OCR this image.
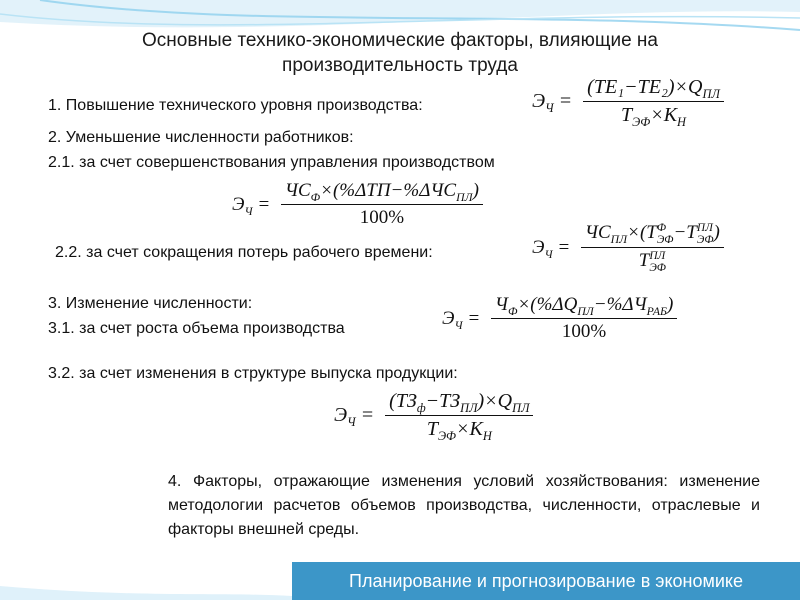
Основные технико-экономические факторы, влияющие на
производительность труда
1. Повышение технического уровня производства:	$Э_Ч = \frac{(TE_1-TE_2)\times Q_{ПЛ}}{T_{ЭФ}\times K_Н}$
2. Уменьшение численности работников:
2.1. за счет совершенствования управления производством
$Э_Ч = \frac{ЧС_Ф\times(\%\Delta ТП-\%\Delta ЧС_{ПЛ})}{100\%}$
2.2. за счет сокращения потерь рабочего времени:	$Э_Ч = ЧС_{ПЛ}\times(T$ Ф
ЭФ −T ПЛ
ЭФ )
T ПЛ
ЭФ
3. Изменение численности:
3.1. за счет роста объема производства	$Э_Ч = \frac{Ч_Ф\times(\%\Delta Q_{ПЛ}-\%\Delta Ч_{РАБ})}{100\%}$
3.2. за счет изменения в структуре выпуска продукции:
$Э_Ч = \frac{(ТЗ_ф-ТЗ_{ПЛ})\times Q_{ПЛ}}{T_{ЭФ}\times K_Н}$
4. Факторы, отражающие изменения условий хозяйствования: изменение методологии расчетов объемов производства, численности, отраслевые и факторы внешней среды.
Планирование и прогнозирование в экономике
